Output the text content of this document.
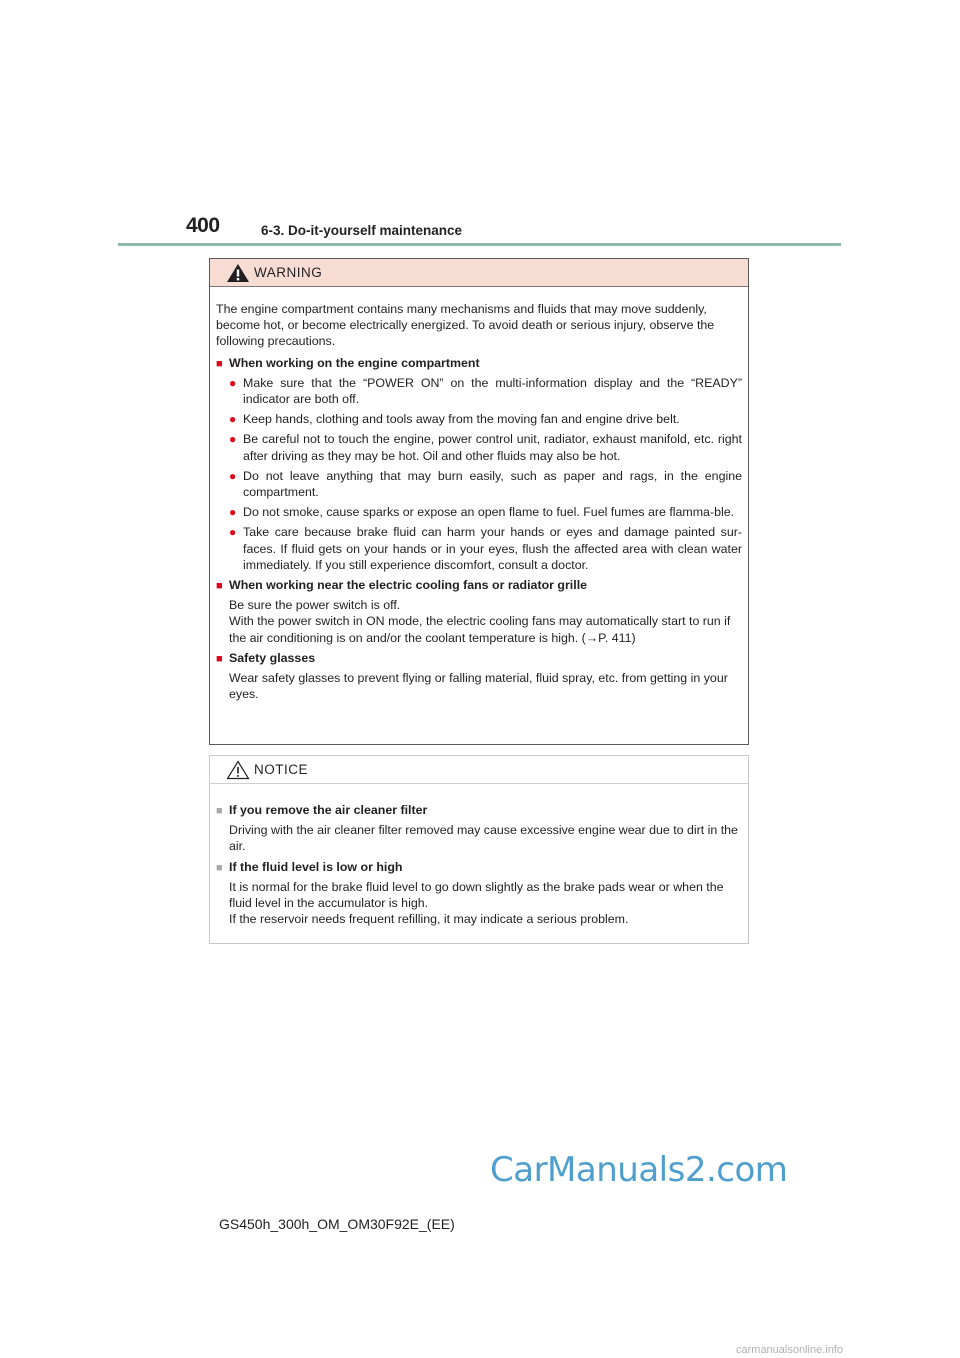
400	6-3. Do-it-yourself maintenance
WARNING

The engine compartment contains many mechanisms and fluids that may move suddenly, become hot, or become electrically energized. To avoid death or serious injury, observe the following precautions.

■ When working on the engine compartment
● Make sure that the “POWER ON” on the multi-information display and the “READY” indicator are both off.
● Keep hands, clothing and tools away from the moving fan and engine drive belt.
● Be careful not to touch the engine, power control unit, radiator, exhaust manifold, etc. right after driving as they may be hot. Oil and other fluids may also be hot.
● Do not leave anything that may burn easily, such as paper and rags, in the engine compartment.
● Do not smoke, cause sparks or expose an open flame to fuel. Fuel fumes are flamma-ble.
● Take care because brake fluid can harm your hands or eyes and damage painted sur-faces. If fluid gets on your hands or in your eyes, flush the affected area with clean water immediately. If you still experience discomfort, consult a doctor.
■ When working near the electric cooling fans or radiator grille
Be sure the power switch is off.
With the power switch in ON mode, the electric cooling fans may automatically start to run if the air conditioning is on and/or the coolant temperature is high. (→P. 411)
■ Safety glasses
Wear safety glasses to prevent flying or falling material, fluid spray, etc. from getting in your eyes.
NOTICE
■ If you remove the air cleaner filter
Driving with the air cleaner filter removed may cause excessive engine wear due to dirt in the air.
■ If the fluid level is low or high
It is normal for the brake fluid level to go down slightly as the brake pads wear or when the fluid level in the accumulator is high.
If the reservoir needs frequent refilling, it may indicate a serious problem.
CarManuals2.com
GS450h_300h_OM_OM30F92E_(EE)
carmanualsonline.info
